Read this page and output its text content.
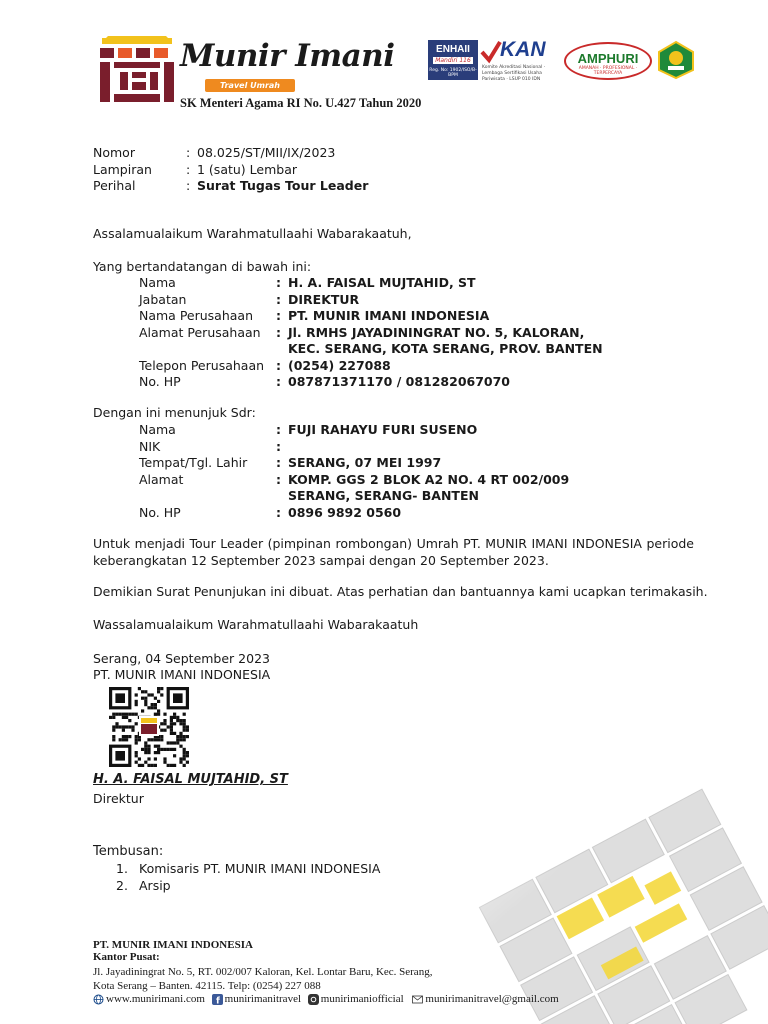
Munir Imani
Travel Umrah
SK Menteri Agama RI No. U.427 Tahun 2020
ENHAII
Mandiri 116
Reg. No: 1902/ISO/B-BPM
KAN
Komite Akreditasi Nasional · Lembaga Sertifikasi Usaha Pariwisata · LSUP 010 IDN
AMPHURI
AMANAH · PROFESIONAL · TERPERCAYA
Nomor	: 08.025/ST/MII/IX/2023
Lampiran	: 1 (satu) Lembar
Perihal	: Surat Tugas Tour Leader
Assalamualaikum Warahmatullaahi Wabarakaatuh,
Yang bertandatangan di bawah ini:
Nama	: H. A. FAISAL MUJTAHID, ST
Jabatan	: DIREKTUR
Nama Perusahaan : PT. MUNIR IMANI INDONESIA
Alamat Perusahaan : Jl. RMHS JAYADININGRAT NO. 5, KALORAN,
KEC. SERANG, KOTA SERANG, PROV. BANTEN
Telepon Perusahaan : (0254) 227088
No. HP	: 087871371170 / 081282067070
Dengan ini menunjuk Sdr:
Nama	: FUJI RAHAYU FURI SUSENO
NIK	:
Tempat/Tgl. Lahir : SERANG, 07 MEI 1997
Alamat	: KOMP. GGS 2 BLOK A2 NO. 4 RT 002/009
SERANG, SERANG- BANTEN
No. HP	: 0896 9892 0560
Untuk menjadi Tour Leader (pimpinan rombongan) Umrah PT. MUNIR IMANI INDONESIA periode keberangkatan 12 September 2023 sampai dengan 20 September 2023.
Demikian Surat Penunjukan ini dibuat. Atas perhatian dan bantuannya kami ucapkan terimakasih.
Wassalamualaikum Warahmatullaahi Wabarakaatuh
Serang, 04 September 2023
PT. MUNIR IMANI INDONESIA
H. A. FAISAL MUJTAHID, ST
Direktur
Tembusan:
1. Komisaris PT. MUNIR IMANI INDONESIA
2. Arsip
PT. MUNIR IMANI INDONESIA
Kantor Pusat:
Jl. Jayadiningrat No. 5, RT. 002/007 Kaloran, Kel. Lontar Baru, Kec. Serang,
Kota Serang – Banten. 42115. Telp: (0254) 227 088
www.munirimani.com f munirimanitravel munirimaniofficial munirimanitravel@gmail.com
